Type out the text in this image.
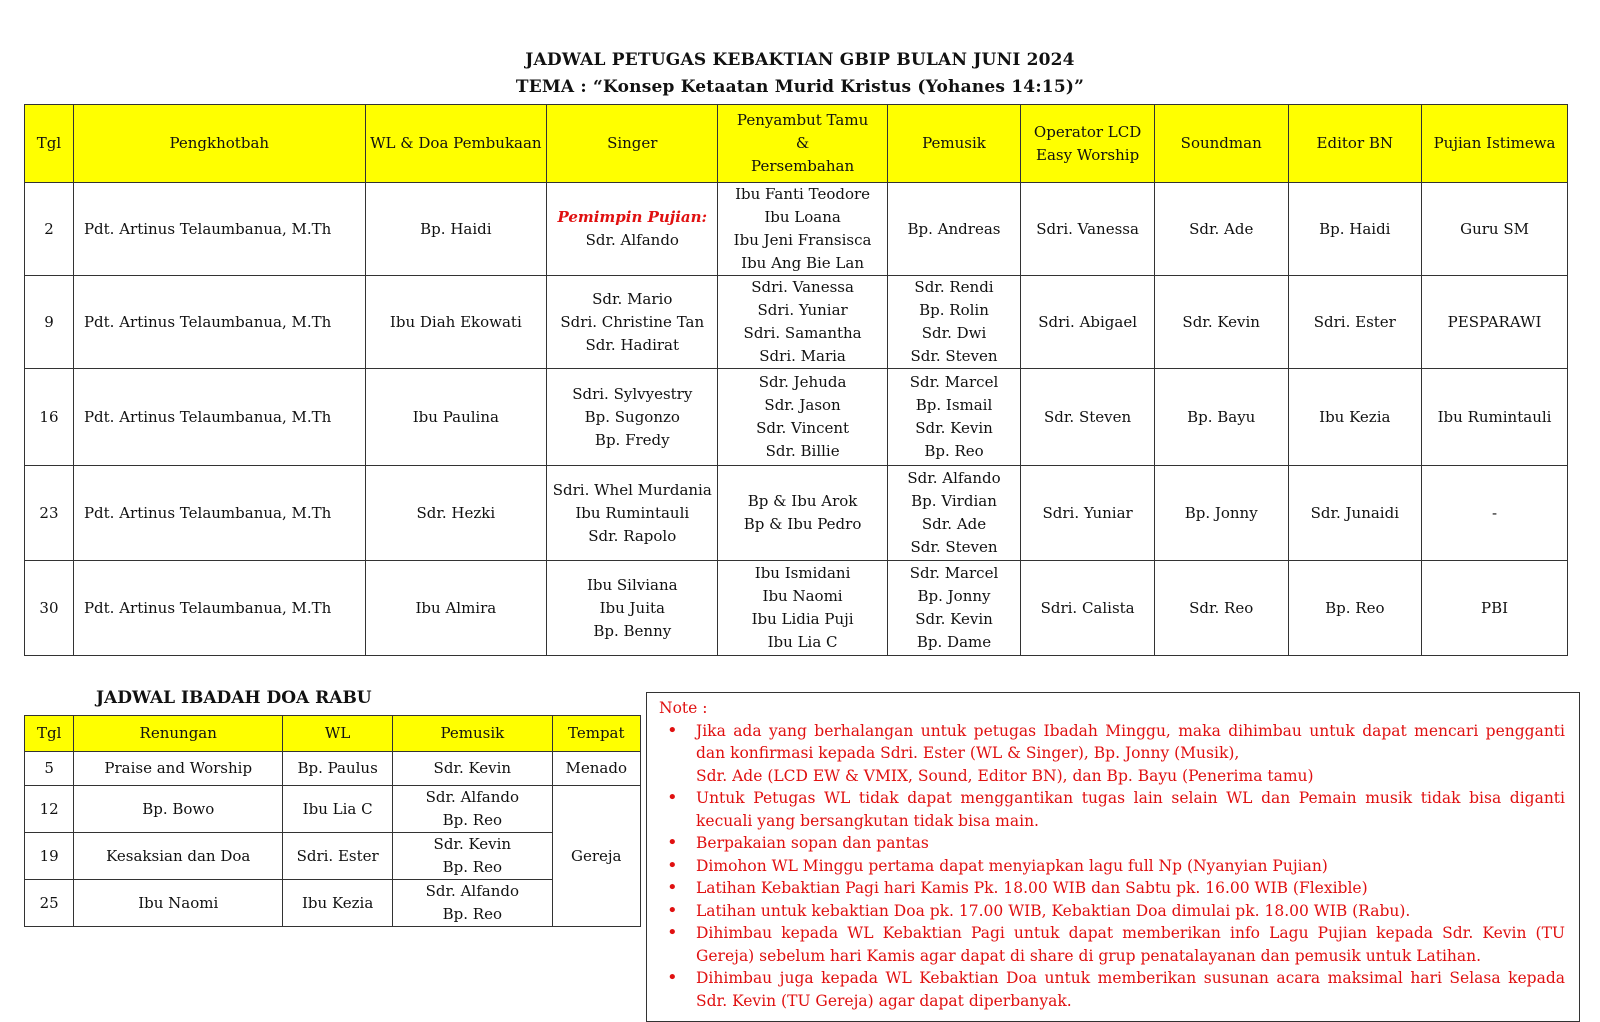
JADWAL PETUGAS KEBAKTIAN GBIP BULAN JUNI 2024
TEMA : “Konsep Ketaatan Murid Kristus (Yohanes 14:15)”
Tgl	Pengkhotbah	WL & Doa Pembukaan	Singer	Penyambut Tamu
&
Persembahan	Pemusik	Operator LCD
Easy Worship	Soundman	Editor BN	Pujian Istimewa

2	Pdt. Artinus Telaumbanua, M.Th	Bp. Haidi	Pemimpin Pujian:
Sdr. Alfando	Ibu Fanti Teodore
Ibu Loana
Ibu Jeni Fransisca
Ibu Ang Bie Lan	Bp. Andreas	Sdri. Vanessa	Sdr. Ade	Bp. Haidi	Guru SM

9	Pdt. Artinus Telaumbanua, M.Th	Ibu Diah Ekowati	Sdr. Mario
Sdri. Christine Tan
Sdr. Hadirat	Sdri. Vanessa
Sdri. Yuniar
Sdri. Samantha
Sdri. Maria	Sdr. Rendi
Bp. Rolin
Sdr. Dwi
Sdr. Steven	Sdri. Abigael	Sdr. Kevin	Sdri. Ester	PESPARAWI

16	Pdt. Artinus Telaumbanua, M.Th	Ibu Paulina	Sdri. Sylvyestry
Bp. Sugonzo
Bp. Fredy	Sdr. Jehuda
Sdr. Jason
Sdr. Vincent
Sdr. Billie	Sdr. Marcel
Bp. Ismail
Sdr. Kevin
Bp. Reo	Sdr. Steven	Bp. Bayu	Ibu Kezia	Ibu Rumintauli

23	Pdt. Artinus Telaumbanua, M.Th	Sdr. Hezki	Sdri. Whel Murdania
Ibu Rumintauli
Sdr. Rapolo	Bp & Ibu Arok
Bp & Ibu Pedro	Sdr. Alfando
Bp. Virdian
Sdr. Ade
Sdr. Steven	Sdri. Yuniar	Bp. Jonny	Sdr. Junaidi	-

30	Pdt. Artinus Telaumbanua, M.Th	Ibu Almira	Ibu Silviana
Ibu Juita
Bp. Benny	Ibu Ismidani
Ibu Naomi
Ibu Lidia Puji
Ibu Lia C	Sdr. Marcel
Bp. Jonny
Sdr. Kevin
Bp. Dame	Sdri. Calista	Sdr. Reo	Bp. Reo	PBI
JADWAL IBADAH DOA RABU
Tgl	Renungan	WL	Pemusik	Tempat

5	Praise and Worship	Bp. Paulus	Sdr. Kevin	Menado

12	Bp. Bowo	Ibu Lia C	Sdr. Alfando
Bp. Reo	Gereja

19	Kesaksian dan Doa	Sdri. Ester	Sdr. Kevin
Bp. Reo	

25	Ibu Naomi	Ibu Kezia	Sdr. Alfando
Bp. Reo	
Note :
• Jika ada yang berhalangan untuk petugas Ibadah Minggu, maka dihimbau untuk dapat mencari pengganti dan konfirmasi kepada Sdri. Ester (WL & Singer), Bp. Jonny (Musik),
Sdr. Ade (LCD EW & VMIX, Sound, Editor BN), dan Bp. Bayu (Penerima tamu)
• Untuk Petugas WL tidak dapat menggantikan tugas lain selain WL dan Pemain musik tidak bisa diganti kecuali yang bersangkutan tidak bisa main.
• Berpakaian sopan dan pantas
• Dimohon WL Minggu pertama dapat menyiapkan lagu full Np (Nyanyian Pujian)
• Latihan Kebaktian Pagi hari Kamis Pk. 18.00 WIB dan Sabtu pk. 16.00 WIB (Flexible)
• Latihan untuk kebaktian Doa pk. 17.00 WIB, Kebaktian Doa dimulai pk. 18.00 WIB (Rabu).
• Dihimbau kepada WL Kebaktian Pagi untuk dapat memberikan info Lagu Pujian kepada Sdr. Kevin (TU Gereja) sebelum hari Kamis agar dapat di share di grup penatalayanan dan pemusik untuk Latihan.
• Dihimbau juga kepada WL Kebaktian Doa untuk memberikan susunan acara maksimal hari Selasa kepada Sdr. Kevin (TU Gereja) agar dapat diperbanyak.
